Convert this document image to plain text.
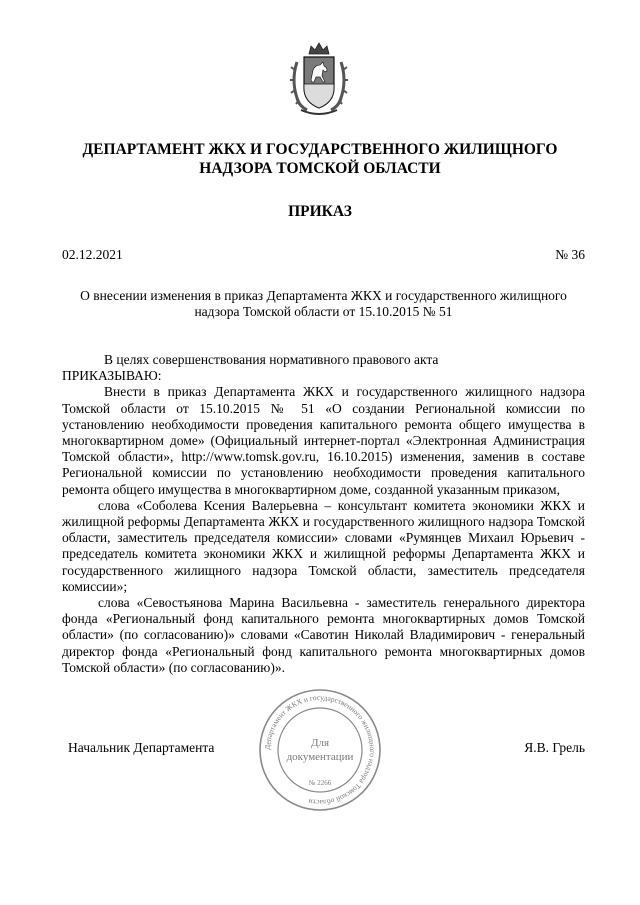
ДЕПАРТАМЕНТ ЖКХ И ГОСУДАРСТВЕННОГО ЖИЛИЩНОГО
НАДЗОРА ТОМСКОЙ ОБЛАСТИ
ПРИКАЗ
02.12.2021	№ 36
О внесении изменения в приказ Департамента ЖКХ и государственного жилищного
надзора Томской области от 15.10.2015 № 51

В целях совершенствования нормативного правового акта

ПРИКАЗЫВАЮ:

Внести в приказ Департамента ЖКХ и государственного жилищного надзора Томской области от 15.10.2015 № 51 «О создании Региональной комиссии по установлению необходимости проведения капитального ремонта общего имущества в многоквартирном доме» (Официальный интернет-портал «Электронная Администрация Томской области», http://www.tomsk.gov.ru, 16.10.2015) изменения, заменив в составе Региональной комиссии по установлению необходимости проведения капитального ремонта общего имущества в многоквартирном доме, созданной указанным приказом,

слова «Соболева Ксения Валерьевна – консультант комитета экономики ЖКХ и жилищной реформы Департамента ЖКХ и государственного жилищного надзора Томской области, заместитель председателя комиссии» словами «Румянцев Михаил Юрьевич - председатель комитета экономики ЖКХ и жилищной реформы Департамента ЖКХ и государственного жилищного надзора Томской области, заместитель председателя комиссии»;

слова «Севостьянова Марина Васильевна - заместитель генерального директора фонда «Региональный фонд капитального ремонта многоквартирных домов Томской области» (по согласованию)» словами «Савотин Николай Владимирович - генеральный директор фонда «Региональный фонд капитального ремонта многоквартирных домов Томской области» (по согласованию)».

Департамент ЖКХ и государственного жилищного надзора Томской области
Для
документации
№ 2266
Начальник Департамента	Я.В. Грель
